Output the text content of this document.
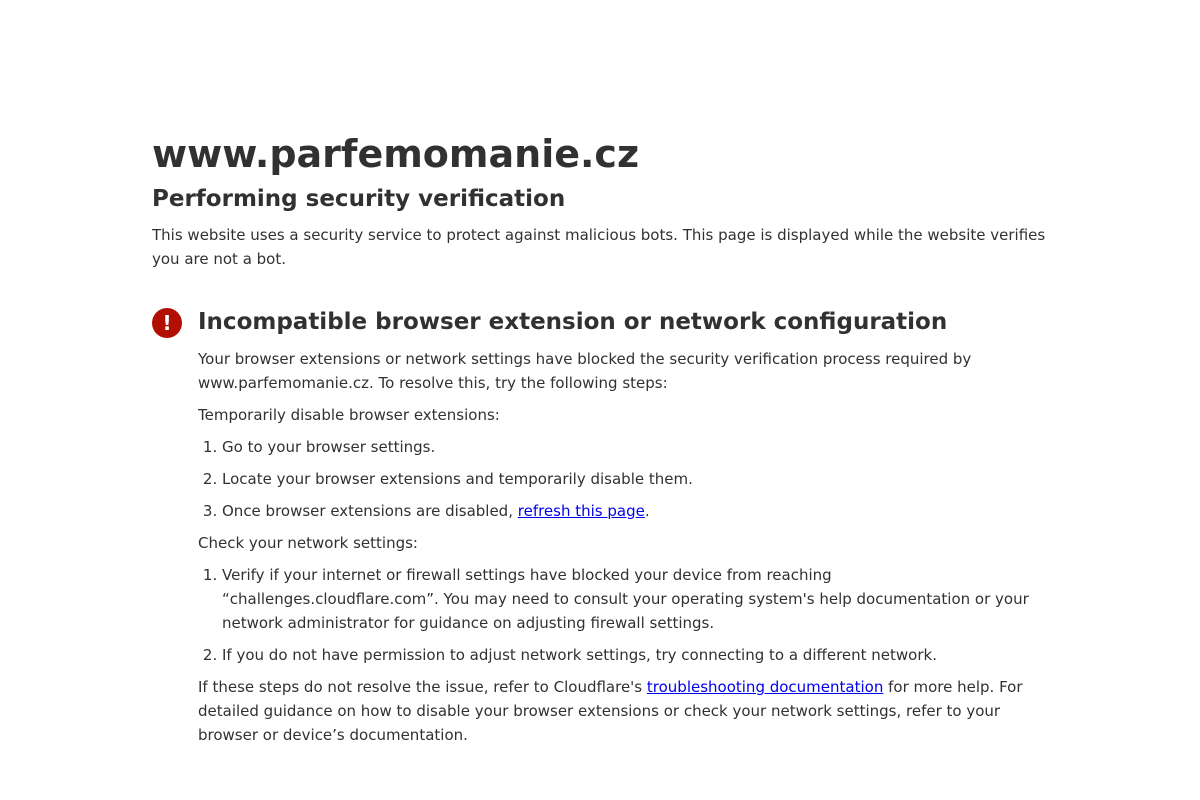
www.parfemomanie.cz
Performing security verification

This website uses a security service to protect against malicious bots. This page is displayed while the website verifies you are not a bot.

!	Incompatible browser extension or network configuration

Your browser extensions or network settings have blocked the security verification process required by www.parfemomanie.cz. To resolve this, try the following steps:

Temporarily disable browser extensions:

1. Go to your browser settings.
2. Locate your browser extensions and temporarily disable them.
3. Once browser extensions are disabled, refresh this page.

Check your network settings:

1. Verify if your internet or firewall settings have blocked your device from reaching “challenges.cloudflare.com”. You may need to consult your operating system's help documentation or your network administrator for guidance on adjusting firewall settings.
2. If you do not have permission to adjust network settings, try connecting to a different network.

If these steps do not resolve the issue, refer to Cloudflare's troubleshooting documentation for more help. For detailed guidance on how to disable your browser extensions or check your network settings, refer to your browser or device’s documentation.
